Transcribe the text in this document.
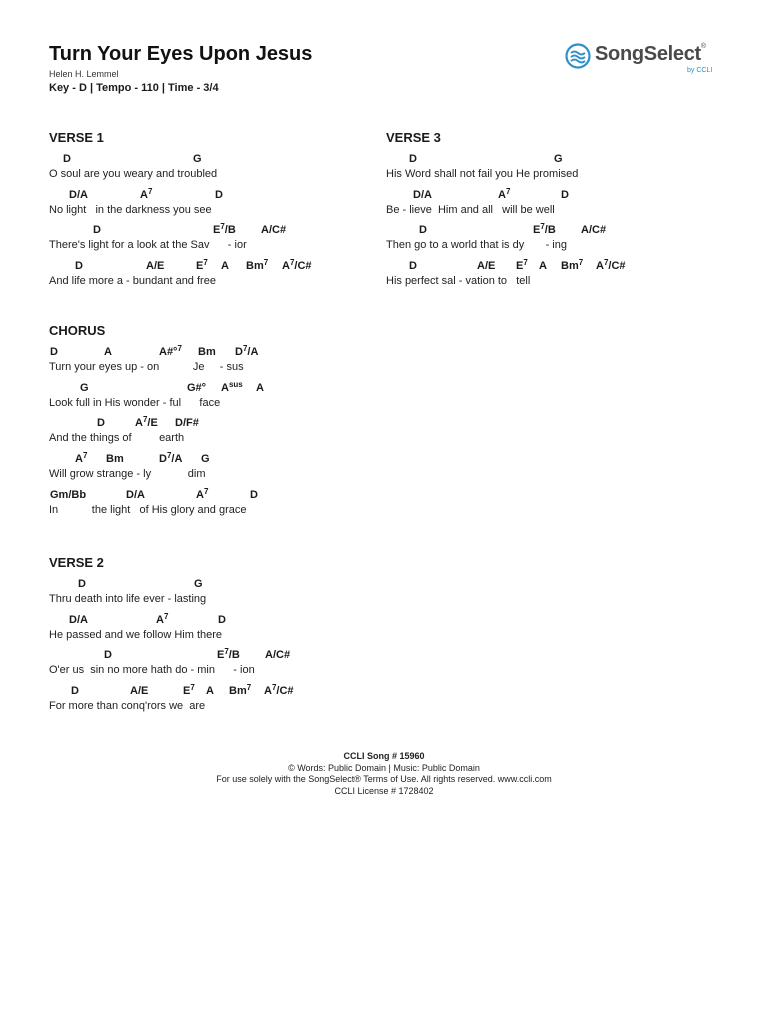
Turn Your Eyes Upon Jesus
Helen H. Lemmel
Key - D | Tempo - 110 | Time - 3/4
SongSelect®
by CCLI
VERSE 1
D	G
O soul are you weary and troubled
D/A	$A^7$	D
No light   in the darkness you see
D	$E^7/B$ A/C#
There's light for a look at the Sav      - ior
D	A/E	$E^7$ A Bm$^7$ $A^7/C\#$
And life more a - bundant and free
VERSE 3
D	G
His Word shall not fail you He promised
D/A	$A^7$	D
Be - lieve  Him and all   will be well
D	$E^7/B$ A/C#
Then go to a world that is dy       - ing
D	A/E $E^7$ A Bm$^7$ $A^7/C\#$
His perfect sal - vation to   tell
CHORUS
D	A	A#°$^7$ Bm $D^7/A$
Turn your eyes up - on           Je     - sus
G	G#° $A^{sus}$ A
Look full in His wonder - ful      face
D	$A^7/E$ D/F#
And the things of         earth
$A^7$ Bm	$D^7/A$ G
Will grow strange - ly            dim
Gm/Bb	D/A	$A^7$	D
In           the light   of His glory and grace
VERSE 2
D	G
Thru death into life ever - lasting
D/A	$A^7$	D
He passed and we follow Him there
D	$E^7/B$ A/C#
O'er us  sin no more hath do - min      - ion
D	A/E	$E^7$ A Bm$^7$ $A^7/C\#$
For more than conq'rors we  are
CCLI Song # 15960
© Words: Public Domain | Music: Public Domain
For use solely with the SongSelect® Terms of Use. All rights reserved. www.ccli.com
CCLI License # 1728402
